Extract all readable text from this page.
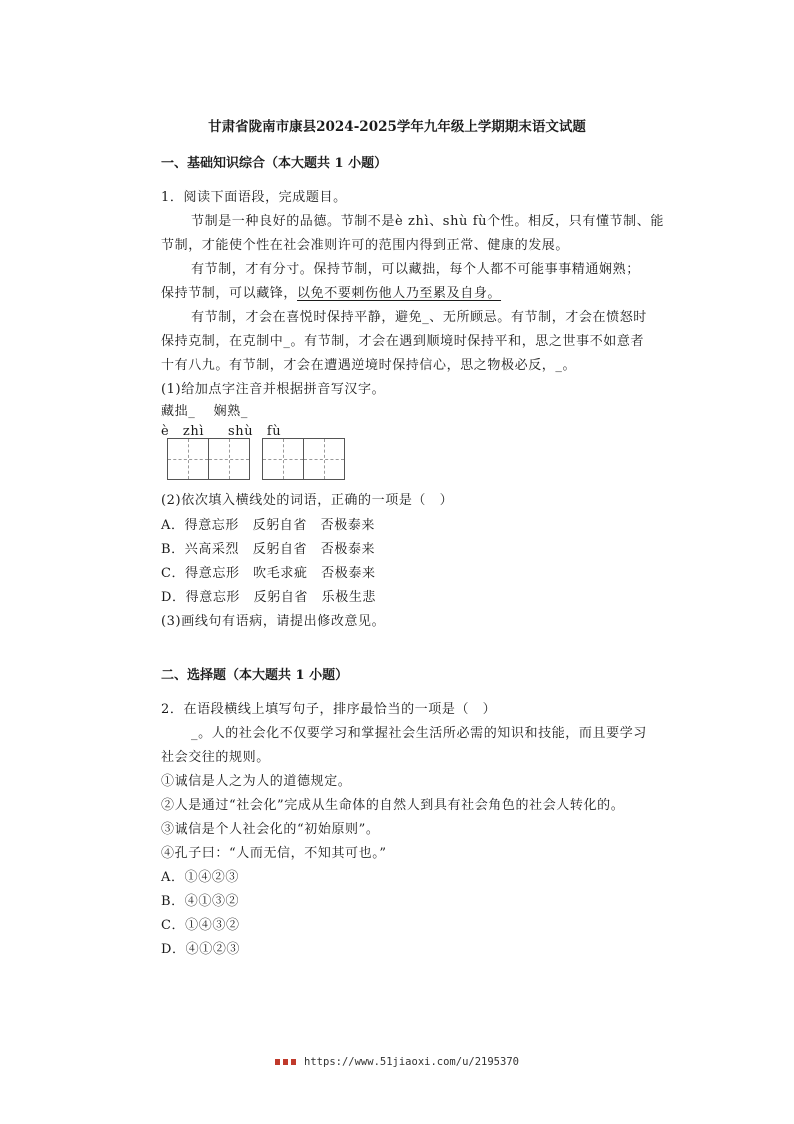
甘肃省陇南市康县2024-2025学年九年级上学期期末语文试题
一、基础知识综合（本大题共 1 小题）
1．阅读下面语段，完成题目。
节制是一种良好的品德。节制不是è zhì、shù fù个性。相反，只有懂节制、能
节制，才能使个性在社会准则许可的范围内得到正常、健康的发展。
有节制，才有分寸。保持节制，可以藏拙，每个人都不可能事事精通娴熟；
保持节制，可以藏锋，以免不要刺伤他人乃至累及自身。
有节制，才会在喜悦时保持平静，避免_、无所顾忌。有节制，才会在愤怒时
保持克制，在克制中_。有节制，才会在遇到顺境时保持平和，思之世事不如意者
十有八九。有节制，才会在遭遇逆境时保持信心，思之物极必反，_。
(1)给加点字注音并根据拼音写汉字。
藏拙_　 娴熟_
è　zhì shù　fù
(2)依次填入横线处的词语，正确的一项是（　）
A．得意忘形　反躬自省　否极泰来
B．兴高采烈　反躬自省　否极泰来
C．得意忘形　吹毛求疵　否极泰来
D．得意忘形　反躬自省　乐极生悲
(3)画线句有语病，请提出修改意见。
二、选择题（本大题共 1 小题）
2．在语段横线上填写句子，排序最恰当的一项是（　）
_。人的社会化不仅要学习和掌握社会生活所必需的知识和技能，而且要学习
社会交往的规则。
①诚信是人之为人的道德规定。
②人是通过“社会化”完成从生命体的自然人到具有社会角色的社会人转化的。
③诚信是个人社会化的“初始原则”。
④孔子曰：“人而无信，不知其可也。”
A．①④②③
B．④①③②
C．①④③②
D．④①②③
https://www.51jiaoxi.com/u/2195370
